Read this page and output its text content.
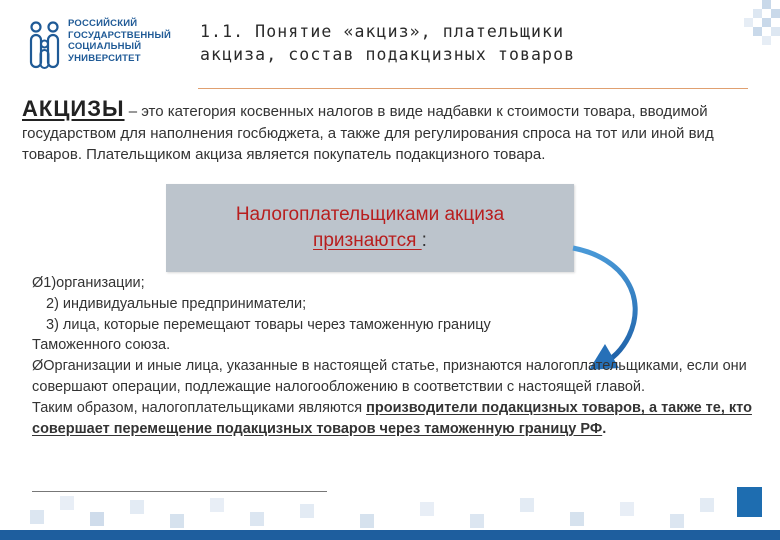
РОССИЙСКИЙ
ГОСУДАРСТВЕННЫЙ
СОЦИАЛЬНЫЙ
УНИВЕРСИТЕТ
1.1. Понятие «акциз», плательщики
акциза, состав подакцизных товаров
АКЦИЗЫ – это категория косвенных налогов в виде надбавки к стоимости товара, вводимой государством для наполнения госбюджета, а также для регулирования спроса на тот или иной вид товаров. Плательщиком акциза является покупатель подакцизного товара.
Налогоплательщиками акциза
признаются :
Ø1)организации;
2) индивидуальные предприниматели;
3) лица, которые перемещают товары через таможенную границу
Таможенного союза.
ØОрганизации и иные лица, указанные в настоящей статье, признаются налогоплательщиками, если они совершают операции, подлежащие налогообложению в соответствии с настоящей главой.
Таким образом, налогоплательщиками являются производители подакцизных товаров, а также те, кто совершает перемещение подакцизных товаров через таможенную границу РФ.
